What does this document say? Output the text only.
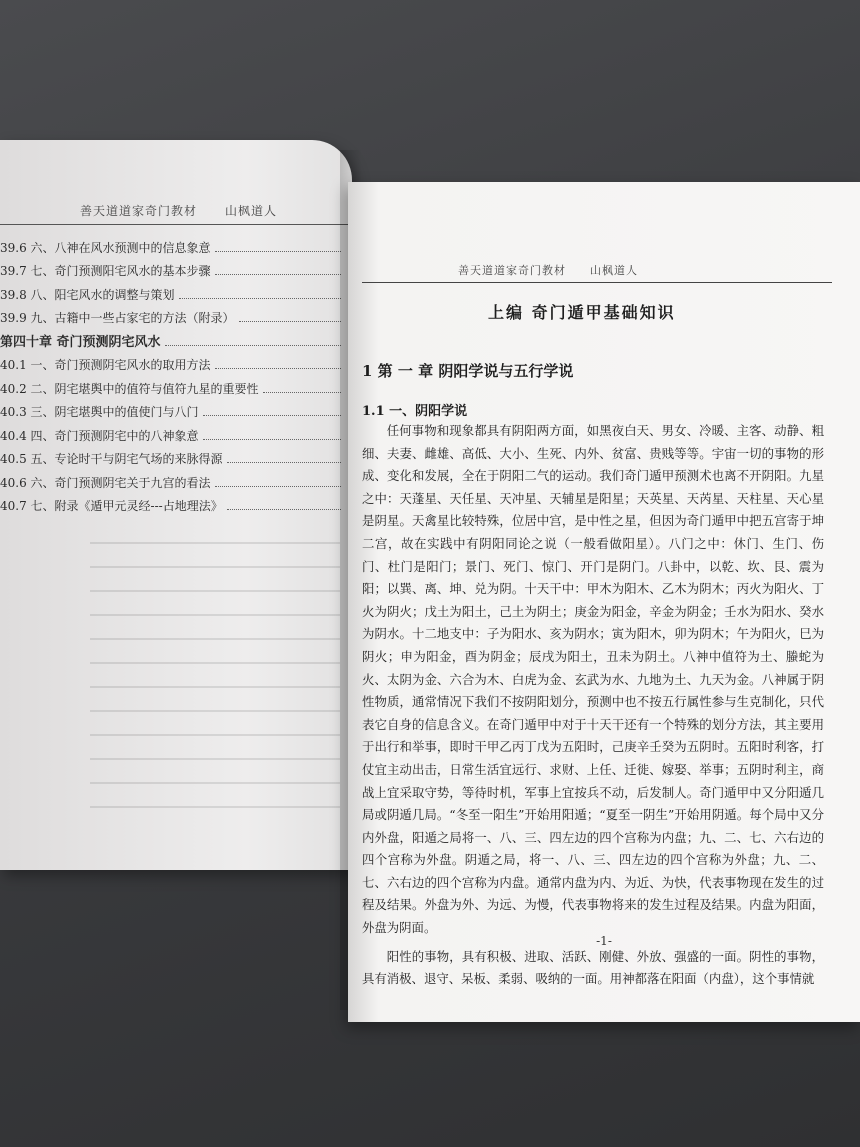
善天道道家奇门教材 山枫道人
39.6 六、八神在风水预测中的信息象意
39.7 七、奇门预测阳宅风水的基本步骤
39.8 八、阳宅风水的调整与策划
39.9 九、古籍中一些占家宅的方法（附录）
第四十章 奇门预测阴宅风水
40.1 一、奇门预测阴宅风水的取用方法
40.2 二、阴宅堪舆中的值符与值符九星的重要性
40.3 三、阴宅堪舆中的值使门与八门
40.4 四、奇门预测阴宅中的八神象意
40.5 五、专论时干与阴宅气场的来脉得源
40.6 六、奇门预测阴宅关于九宫的看法
40.7 七、附录《遁甲元灵经---占地理法》
善天道道家奇门教材 山枫道人
上编 奇门遁甲基础知识
1 第 一 章 阴阳学说与五行学说
1.1 一、阴阳学说

任何事物和现象都具有阴阳两方面，如黑夜白天、男女、冷暖、主客、动静、粗细、夫妻、雌雄、高低、大小、生死、内外、贫富、贵贱等等。宇宙一切的事物的形成、变化和发展，全在于阴阳二气的运动。我们奇门遁甲预测术也离不开阴阳。九星之中：天蓬星、天任星、天冲星、天辅星是阳星；天英星、天芮星、天柱星、天心星是阴星。天禽星比较特殊，位居中宫，是中性之星，但因为奇门遁甲中把五宫寄于坤二宫，故在实践中有阴阳同论之说（一般看做阳星）。八门之中：休门、生门、伤门、杜门是阳门；景门、死门、惊门、开门是阴门。八卦中，以乾、坎、艮、震为阳；以巽、离、坤、兑为阴。十天干中：甲木为阳木、乙木为阴木；丙火为阳火、丁火为阴火；戊土为阳土，己土为阴土；庚金为阳金，辛金为阴金；壬水为阳水、癸水为阴水。十二地支中：子为阳水、亥为阴水；寅为阳木，卯为阴木；午为阳火，巳为阴火；申为阳金，酉为阴金；辰戌为阳土，丑未为阴土。八神中值符为土、螣蛇为火、太阴为金、六合为木、白虎为金、玄武为水、九地为土、九天为金。八神属于阴性物质，通常情况下我们不按阴阳划分，预测中也不按五行属性参与生克制化，只代表它自身的信息含义。在奇门遁甲中对于十天干还有一个特殊的划分方法，其主要用于出行和举事，即时干甲乙丙丁戊为五阳时，己庚辛壬癸为五阴时。五阳时利客，打仗宜主动出击，日常生活宜远行、求财、上任、迁徙、嫁娶、举事；五阴时利主，商战上宜采取守势，等待时机，军事上宜按兵不动，后发制人。奇门遁甲中又分阳遁几局或阴遁几局。“冬至一阳生”开始用阳遁；“夏至一阴生”开始用阴遁。每个局中又分内外盘，阳遁之局将一、八、三、四左边的四个宫称为内盘；九、二、七、六右边的四个宫称为外盘。阴遁之局，将一、八、三、四左边的四个宫称为外盘；九、二、七、六右边的四个宫称为内盘。通常内盘为内、为近、为快，代表事物现在发生的过程及结果。外盘为外、为远、为慢，代表事物将来的发生过程及结果。内盘为阳面，外盘为阴面。

阳性的事物，具有积极、进取、活跃、刚健、外放、强盛的一面。阴性的事物，具有消极、退守、呆板、柔弱、吸纳的一面。用神都落在阳面（内盘），这个事情就

-1-
